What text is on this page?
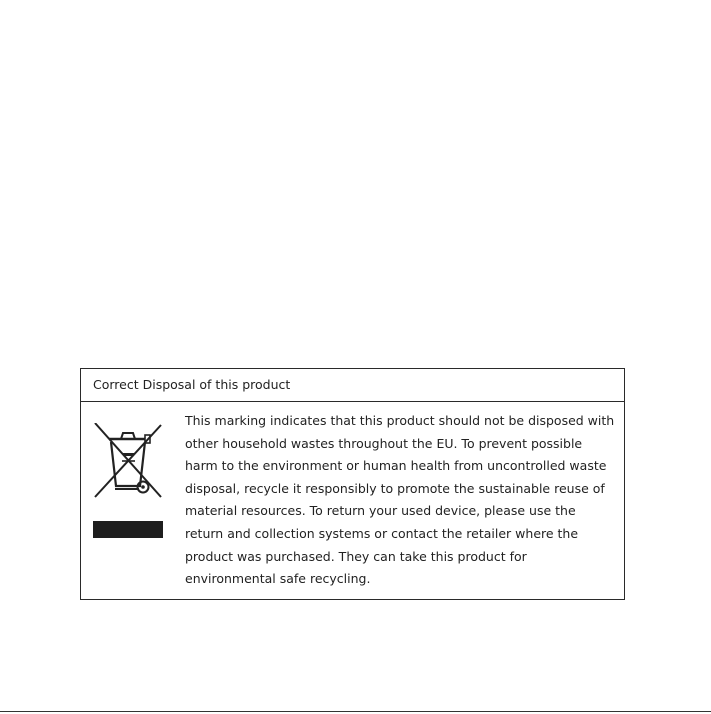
Correct Disposal of this product
This marking indicates that this product should not be disposed with other household wastes throughout the EU. To prevent possible harm to the environment or human health from uncontrolled waste disposal, recycle it responsibly to promote the sustainable reuse of material resources. To return your used device, please use the return and collection systems or contact the retailer where the product was purchased. They can take this product for environmental safe recycling.
